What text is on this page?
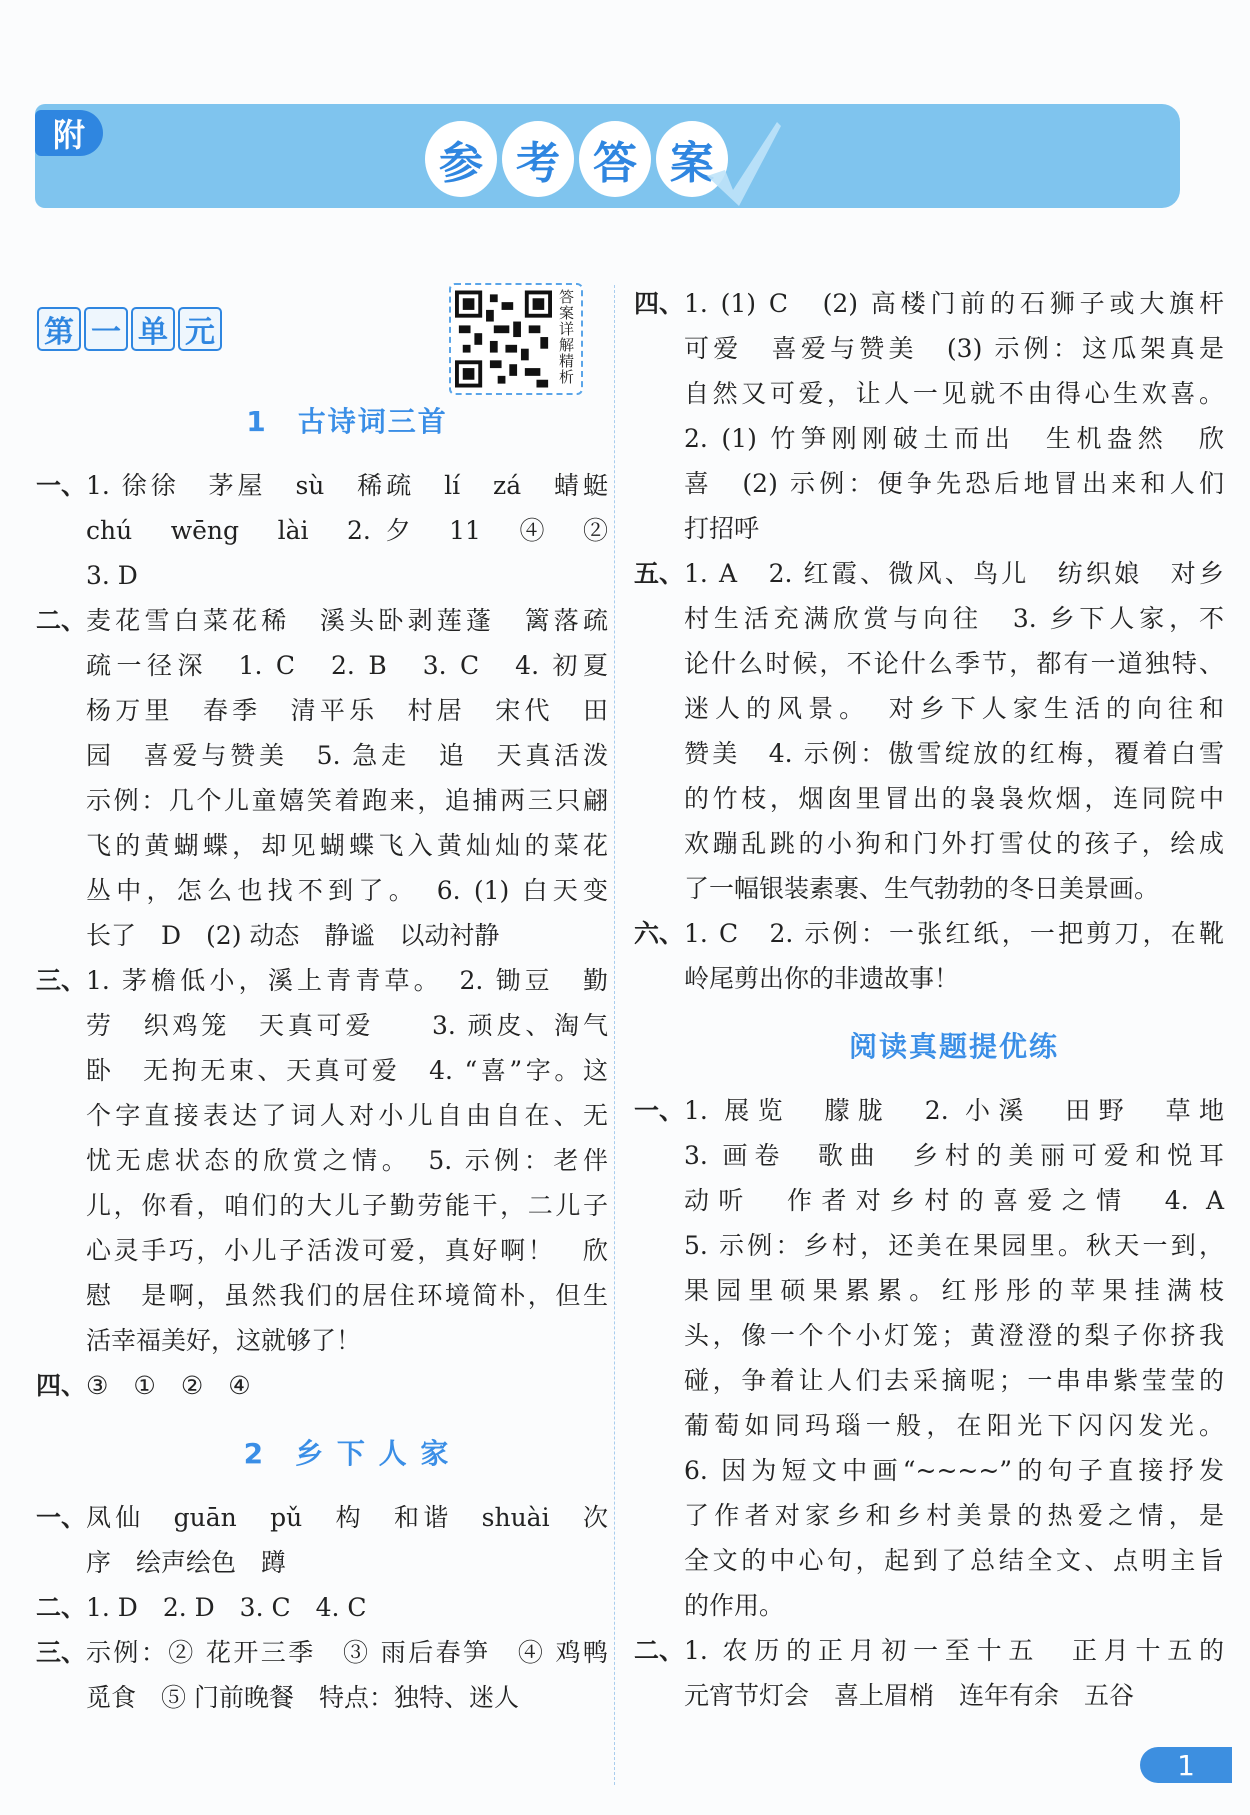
附
参 考 答 案
第 一 单 元	答案详解精析
1　古诗词三首
一、 1. 徐徐　茅屋　sù　稀疏　lí　zá　蜻蜓
chú　wēng　lài　2. 夕　11　④　②
3. D
二、 麦花雪白菜花稀　溪头卧剥莲蓬　篱落疏
疏一径深　1. C　2. B　3. C　4. 初夏
杨万里　春季　清平乐　村居　宋代　田
园　喜爱与赞美　5. 急走　追　天真活泼
示例：几个儿童嬉笑着跑来，追捕两三只翩
飞的黄蝴蝶，却见蝴蝶飞入黄灿灿的菜花
丛中，怎么也找不到了。　6. (1) 白天变
长了　D　(2) 动态　静谧　以动衬静
三、 1. 茅檐低小，溪上青青草。　2. 锄豆　勤
劳　织鸡笼　天真可爱　　3. 顽皮、淘气
卧　无拘无束、天真可爱　4. “喜”字。这
个字直接表达了词人对小儿自由自在、无
忧无虑状态的欣赏之情。　5. 示例：老伴
儿，你看，咱们的大儿子勤劳能干，二儿子
心灵手巧，小儿子活泼可爱，真好啊！　欣
慰　是啊，虽然我们的居住环境简朴，但生
活幸福美好，这就够了！
四、 ③　①　②　④
2　乡 下 人 家
一、 凤仙　guān　pǔ　构　和谐　shuài　次
序　绘声绘色　蹲
二、 1. D　2. D　3. C　4. C
三、 示例：② 花开三季　③ 雨后春笋　④ 鸡鸭
觅食　⑤ 门前晚餐　特点：独特、迷人
四、 1. (1) C　(2) 高楼门前的石狮子或大旗杆
可爱　喜爱与赞美　(3) 示例：这瓜架真是
自然又可爱，让人一见就不由得心生欢喜。
2. (1) 竹笋刚刚破土而出　生机盎然　欣
喜　(2) 示例：便争先恐后地冒出来和人们
打招呼
五、 1. A　2. 红霞、微风、鸟儿　纺织娘　对乡
村生活充满欣赏与向往　3. 乡下人家，不
论什么时候，不论什么季节，都有一道独特、
迷人的风景。　对乡下人家生活的向往和
赞美　4. 示例：傲雪绽放的红梅，覆着白雪
的竹枝，烟囱里冒出的袅袅炊烟，连同院中
欢蹦乱跳的小狗和门外打雪仗的孩子，绘成
了一幅银装素裹、生气勃勃的冬日美景画。
六、 1. C　2. 示例：一张红纸，一把剪刀，在靴
岭尾剪出你的非遗故事！
阅读真题提优练
一、 1. 展览　朦胧　2. 小溪　田野　草地
3. 画卷　歌曲　乡村的美丽可爱和悦耳
动听　作者对乡村的喜爱之情　4. A
5. 示例：乡村，还美在果园里。秋天一到，
果园里硕果累累。红彤彤的苹果挂满枝
头，像一个个小灯笼；黄澄澄的梨子你挤我
碰，争着让人们去采摘呢；一串串紫莹莹的
葡萄如同玛瑙一般，在阳光下闪闪发光。
6. 因为短文中画“~~~~”的句子直接抒发
了作者对家乡和乡村美景的热爱之情，是
全文的中心句，起到了总结全文、点明主旨
的作用。
二、 1. 农历的正月初一至十五　正月十五的
元宵节灯会　喜上眉梢　连年有余　五谷
1
